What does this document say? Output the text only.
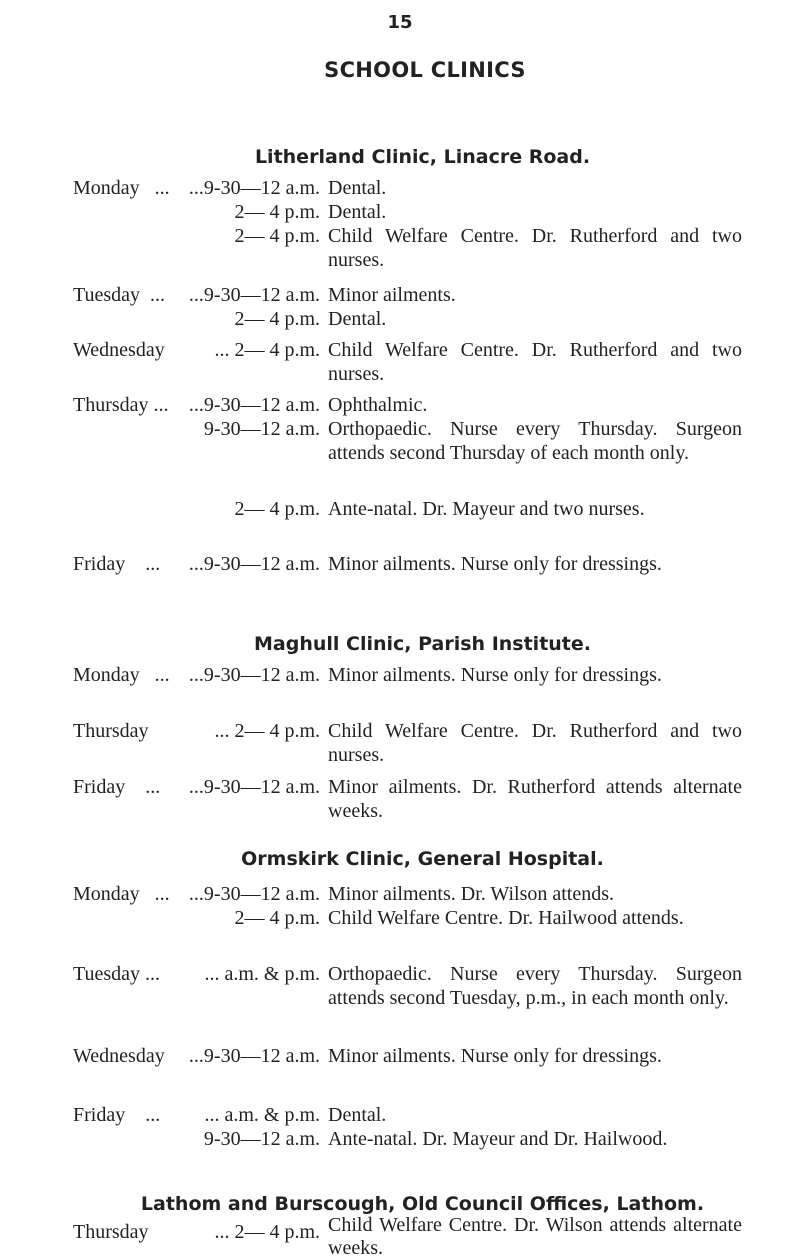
15
SCHOOL CLINICS
Litherland Clinic, Linacre Road.
Monday   ... ...9-30—12 a.m. Dental.
2— 4 p.m. Dental.
2— 4 p.m. Child Welfare Centre. Dr. Rutherford and two nurses.
Tuesday  ... ...9-30—12 a.m. Minor ailments.
2— 4 p.m. Dental.
Wednesday ... 2— 4 p.m. Child Welfare Centre. Dr. Rutherford and two nurses.
Thursday ... ...9-30—12 a.m. Ophthalmic.
9-30—12 a.m. Orthopaedic. Nurse every Thursday. Surgeon attends second Thursday of each month only.
2— 4 p.m. Ante-natal. Dr. Mayeur and two nurses.
Friday    ... ...9-30—12 a.m. Minor ailments. Nurse only for dressings.
Maghull Clinic, Parish Institute.
Monday   ... ...9-30—12 a.m. Minor ailments. Nurse only for dressings.
Thursday	... 2— 4 p.m. Child Welfare Centre. Dr. Rutherford and two nurses.
Friday    ... ...9-30—12 a.m. Minor ailments. Dr. Rutherford attends alternate weeks.
Ormskirk Clinic, General Hospital.
Monday   ... ...9-30—12 a.m. Minor ailments. Dr. Wilson attends.
2— 4 p.m. Child Welfare Centre. Dr. Hailwood attends.
Tuesday ... ... a.m. & p.m. Orthopaedic. Nurse every Thursday. Surgeon attends second Tuesday, p.m., in each month only.
Wednesday ...9-30—12 a.m. Minor ailments. Nurse only for dressings.
Friday    ... ... a.m. & p.m. Dental.
9-30—12 a.m. Ante-natal. Dr. Mayeur and Dr. Hailwood.
Lathom and Burscough, Old Council Offices, Lathom.
Thursday	... 2— 4 p.m. Child Welfare Centre. Dr. Wilson attends alternate weeks.
